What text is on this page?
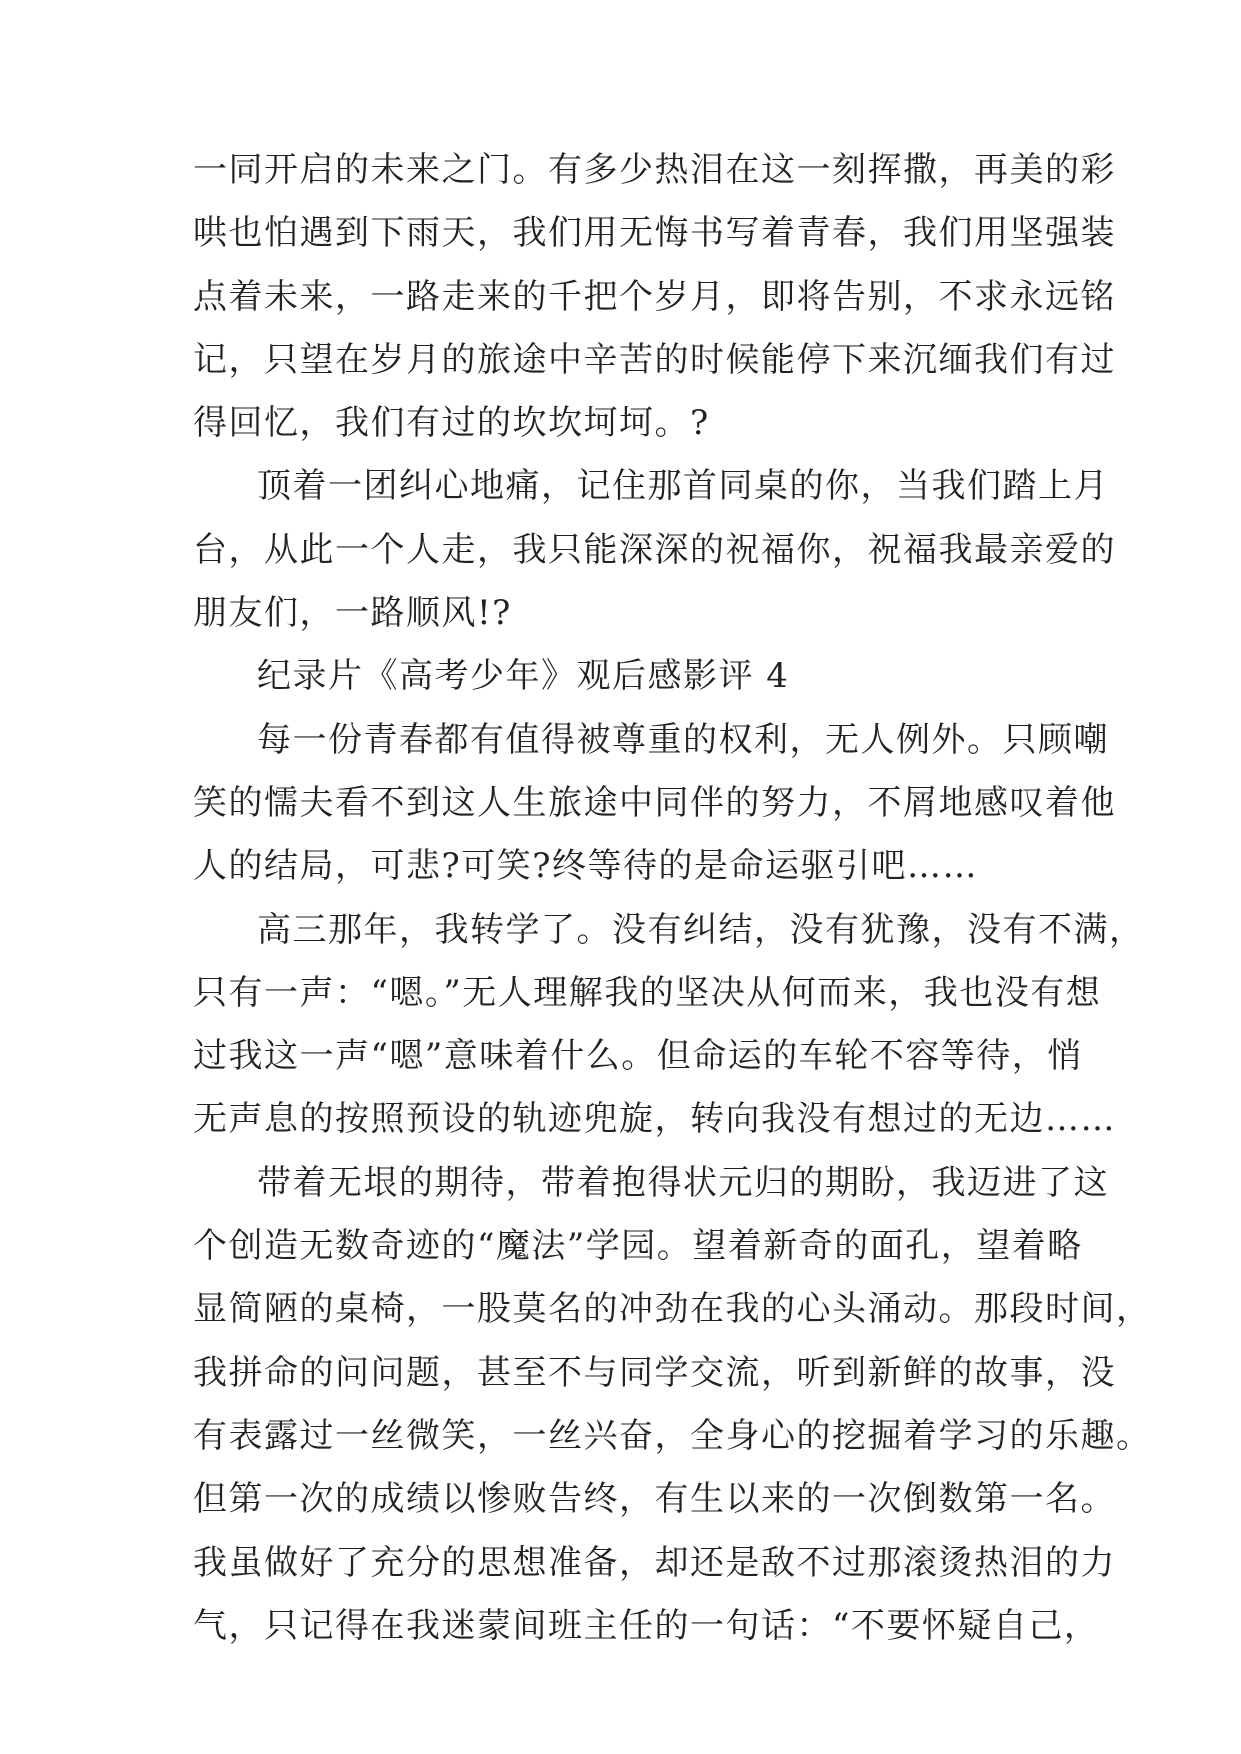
一同开启的未来之门。有多少热泪在这一刻挥撒，再美的彩
哄也怕遇到下雨天，我们用无悔书写着青春，我们用坚强装
点着未来，一路走来的千把个岁月，即将告别，不求永远铭
记，只望在岁月的旅途中辛苦的时候能停下来沉缅我们有过
得回忆，我们有过的坎坎坷坷。?
顶着一团纠心地痛，记住那首同桌的你，当我们踏上月
台，从此一个人走，我只能深深的祝福你，祝福我最亲爱的
朋友们，一路顺风!?
纪录片《高考少年》观后感影评 4
每一份青春都有值得被尊重的权利，无人例外。只顾嘲
笑的懦夫看不到这人生旅途中同伴的努力，不屑地感叹着他
人的结局，可悲?可笑?终等待的是命运驱引吧……
高三那年，我转学了。没有纠结，没有犹豫，没有不满，
只有一声：“嗯。”无人理解我的坚决从何而来，我也没有想
过我这一声“嗯”意味着什么。但命运的车轮不容等待，悄
无声息的按照预设的轨迹兜旋，转向我没有想过的无边……
带着无垠的期待，带着抱得状元归的期盼，我迈进了这
个创造无数奇迹的“魔法”学园。望着新奇的面孔，望着略
显简陋的桌椅，一股莫名的冲劲在我的心头涌动。那段时间，
我拼命的问问题，甚至不与同学交流，听到新鲜的故事，没
有表露过一丝微笑，一丝兴奋，全身心的挖掘着学习的乐趣。
但第一次的成绩以惨败告终，有生以来的一次倒数第一名。
我虽做好了充分的思想准备，却还是敌不过那滚烫热泪的力
气，只记得在我迷蒙间班主任的一句话：“不要怀疑自己，
